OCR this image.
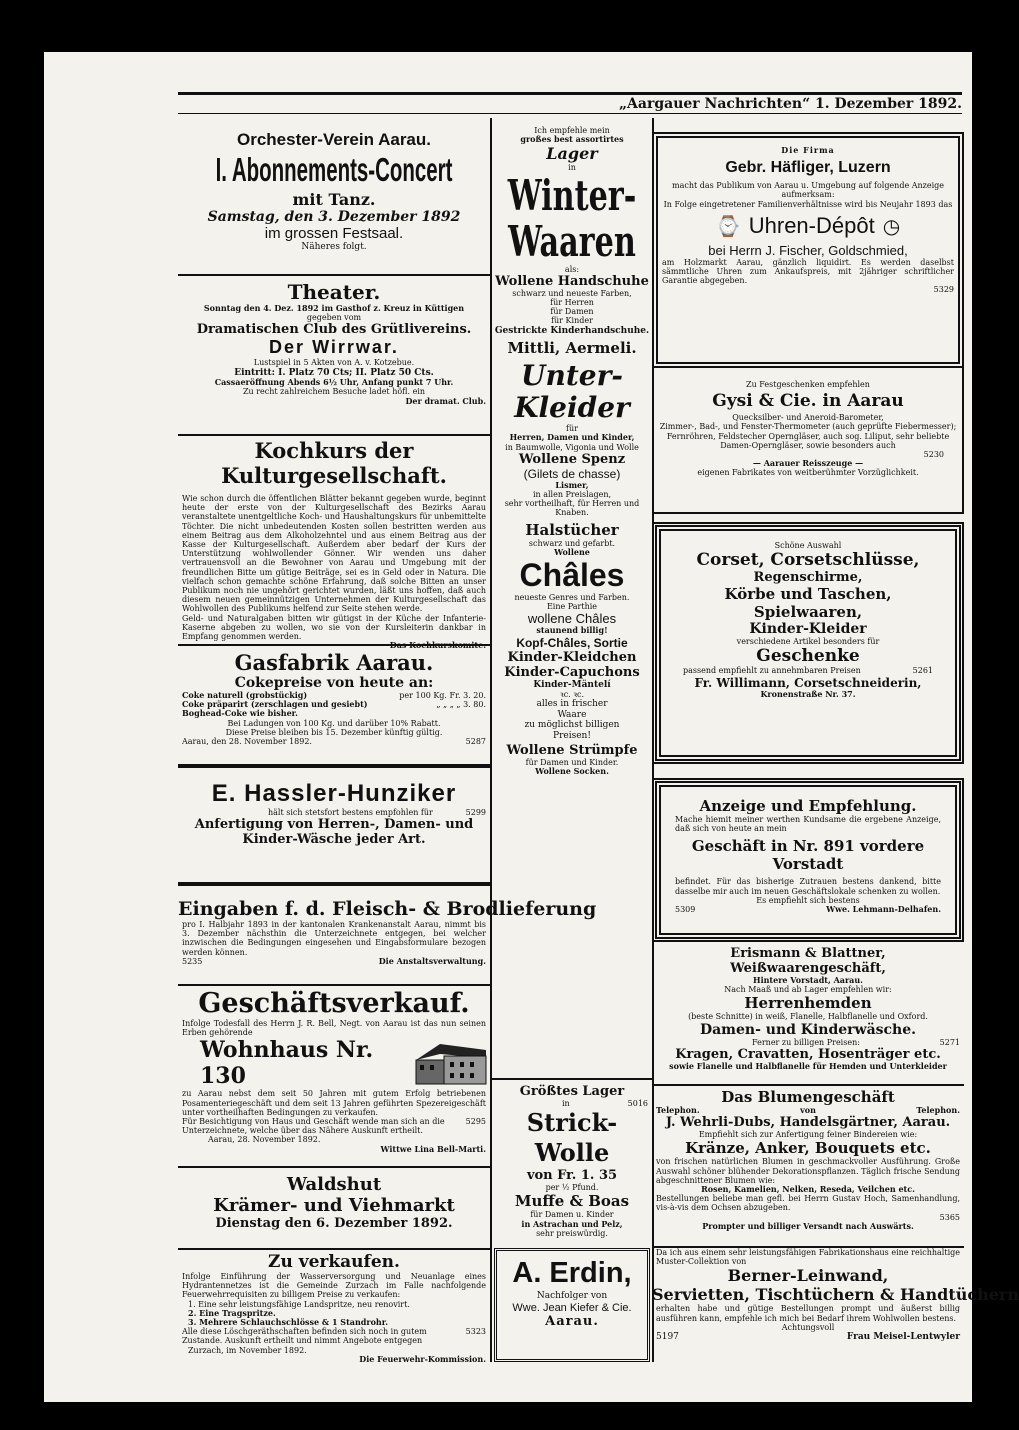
„Aargauer Nachrichten“ 1. Dezember 1892.
Orchester-Verein Aarau.
I. Abonnements-Concert
mit Tanz.
Samstag, den 3. Dezember 1892
im grossen Festsaal.
Näheres folgt.
Theater.
Sonntag den 4. Dez. 1892 im Gasthof z. Kreuz in Küttigen
gegeben vom
Dramatischen Club des Grütlivereins.
Der Wirrwar.
Lustspiel in 5 Akten von A. v. Kotzebue.
Eintritt: I. Platz 70 Cts; II. Platz 50 Cts.
Cassaeröffnung Abends 6½ Uhr, Anfang punkt 7 Uhr.
Zu recht zahlreichem Besuche ladet höfl. ein
Der dramat. Club.
Kochkurs der Kulturgesellschaft.
Wie schon durch die öffentlichen Blätter bekannt gegeben wurde, beginnt heute der erste von der Kulturgesellschaft des Bezirks Aarau veranstaltete unentgeltliche Koch- und Haushaltungskurs für unbemittelte Töchter. Die nicht unbedeutenden Kosten sollen bestritten werden aus einem Beitrag aus dem Alkoholzehntel und aus einem Beitrag aus der Kasse der Kulturgesellschaft. Außerdem aber bedarf der Kurs der Unterstützung wohlwollender Gönner. Wir wenden uns daher vertrauensvoll an die Bewohner von Aarau und Umgebung mit der freundlichen Bitte um gütige Beiträge, sei es in Geld oder in Natura. Die vielfach schon gemachte schöne Erfahrung, daß solche Bitten an unser Publikum noch nie ungehört gerichtet wurden, läßt uns hoffen, daß auch diesem neuen gemeinnützigen Unternehmen der Kulturgesellschaft das Wohlwollen des Publikums helfend zur Seite stehen werde.
Geld- und Naturalgaben bitten wir gütigst in der Küche der Infanterie-Kaserne abgeben zu wollen, wo sie von der Kursleiterin dankbar in Empfang genommen werden.
Das Kochkurskomite.
Gasfabrik Aarau.
Cokepreise von heute an:
Coke naturell (grobstückig)	per 100 Kg. Fr. 3. 20.
Coke präparirt (zerschlagen und gesiebt)	„ „ „ „ 3. 80.
Boghead-Coke wie bisher.
Bei Ladungen von 100 Kg. und darüber 10% Rabatt.
Diese Preise bleiben bis 15. Dezember künftig gültig.
Aarau, den 28. November 1892.	5287
E. Hassler-Hunziker
hält sich stetsfort bestens empfohlen für	5299
Anfertigung von Herren-, Damen- und
Kinder-Wäsche jeder Art.
Eingaben f. d. Fleisch- & Brodlieferung
pro I. Halbjahr 1893 in der kantonalen Krankenanstalt Aarau, nimmt bis 3. Dezember nächsthin die Unterzeichnete entgegen, bei welcher inzwischen die Bedingungen eingesehen und Eingabsformulare bezogen werden können.
5235	Die Anstaltsverwaltung.
Geschäftsverkauf.
Infolge Todesfall des Herrn J. R. Bell, Negt. von Aarau ist das nun seinen Erben gehörende
Wohnhaus Nr. 130
zu Aarau nebst dem seit 50 Jahren mit gutem Erfolg betriebenen Posamenteriegeschäft und dem seit 13 Jahren geführten Spezereigeschäft unter vortheilhaften Bedingungen zu verkaufen.
Für Besichtigung von Haus und Geschäft wende man sich an die Unterzeichnete, welche über das Nähere Auskunft ertheilt.
5295
Aarau, 28. November 1892.
Wittwe Lina Bell-Marti.
Waldshut
Krämer- und Viehmarkt
Dienstag den 6. Dezember 1892.
Zu verkaufen.
Infolge Einführung der Wasserversorgung und Neuanlage eines Hydrantennetzes ist die Gemeinde Zurzach im Falle nachfolgende Feuerwehrrequisiten zu billigem Preise zu verkaufen:
1. Eine sehr leistungsfähige Landspritze, neu renovirt.
2. Eine Tragspritze.
3. Mehrere Schlauchschlösse & 1 Standrohr.
Alle diese Löschgeräthschaften befinden sich noch in gutem Zustande. Auskunft ertheilt und nimmt Angebote entgegen
5323
Zurzach, im November 1892.
Die Feuerwehr-Kommission.
Ich empfehle mein
großes best assortirtes
Lager
in
Winter-
Waaren
als:
Wollene Handschuhe
schwarz und neueste Farben,
für Herren
für Damen
für Kinder
Gestrickte Kinderhandschuhe.
Mittli, Aermeli.
Unter-
Kleider
für
Herren, Damen und Kinder,
in Baumwolle, Vigonia und Wolle
Wollene Spenz
(Gilets de chasse)
Lismer,
in allen Preislagen,
sehr vortheilhaft, für Herren und Knaben.
Halstücher
schwarz und gefarbt.
Wollene
Châles
neueste Genres und Farben.
Eine Parthie
wollene Châles
staunend billig!
Kopf-Châles, Sortie
Kinder-Kleidchen
Kinder-Capuchons
Kinder-Mäntelí
ꝛc. ꝛc.
alles in frischer
Waare
zu möglichst billigen
Preisen!
Wollene Strümpfe
für Damen und Kinder.
Wollene Socken.
Größtes Lager
in	5016
Strick-Wolle
von Fr. 1. 35
per ½ Pfund.
Muffe & Boas
für Damen u. Kinder
in Astrachan und Pelz,
sehr preiswürdig.
A. Erdin,
Nachfolger von
Wwe. Jean Kiefer & Cie.
Aarau.
Die Firma
Gebr. Häfliger, Luzern
macht das Publikum von Aarau u. Umgebung auf folgende Anzeige aufmerksam:
In Folge eingetretener Familienverhältnisse wird bis Neujahr 1893 das
⌚ Uhren-Dépôt ◷
bei Herrn J. Fischer, Goldschmied,
am Holzmarkt Aarau, gänzlich liquidirt. Es werden daselbst sämmtliche Uhren zum Ankaufspreis, mit 2jähriger schriftlicher Garantie abgegeben.
5329
Zu Festgeschenken empfehlen
Gysi & Cie. in Aarau
Quecksilber- und Aneroid-Barometer,
Zimmer-, Bad-, und Fenster-Thermometer (auch geprüfte Fiebermesser); Fernröhren, Feldstecher Operngläser, auch sog. Liliput, sehr beliebte Damen-Operngläser, sowie besonders auch
5230
— Aarauer Reisszeuge —
eigenen Fabrikates von weitberühmter Vorzüglichkeit.
Schöne Auswahl
Corset, Corsetschlüsse,
Regenschirme,
Körbe und Taschen,
Spielwaaren,
Kinder-Kleider
verschiedene Artikel besonders für
Geschenke
passend empfiehlt zu annehmbaren Preisen	5261
Fr. Willimann, Corsetschneiderin,
Kronenstraße Nr. 37.
Anzeige und Empfehlung.
Mache hiemit meiner werthen Kundsame die ergebene Anzeige, daß sich von heute an mein
Geschäft in Nr. 891 vordere Vorstadt
befindet. Für das bisherige Zutrauen bestens dankend, bitte dasselbe mir auch im neuen Geschäftslokale schenken zu wollen.
Es empfiehlt sich bestens
5309	Wwe. Lehmann-Delhafen.
Erismann & Blattner, Weißwaarengeschäft,
Hintere Vorstadt, Aarau.
Nach Maaß und ab Lager empfehlen wir:
Herrenhemden
(beste Schnitte) in weiß, Flanelle, Halbflanelle und Oxford.
Damen- und Kinderwäsche.
Ferner zu billigen Preisen:	5271
Kragen, Cravatten, Hosenträger etc.
sowie Flanelle und Halbflanelle für Hemden und Unterkleider
Das Blumengeschäft
Telephon.	von	Telephon.
J. Wehrli-Dubs, Handelsgärtner, Aarau.
Empfiehlt sich zur Anfertigung feiner Bindereien wie:
Kränze, Anker, Bouquets etc.
von frischen natürlichen Blumen in geschmackvoller Ausführung. Große Auswahl schöner blühender Dekorationspflanzen. Täglich frische Sendung abgeschnittener Blumen wie:
Rosen, Kamelien, Nelken, Reseda, Veilchen etc.
Bestellungen beliebe man gefl. bei Herrn Gustav Hoch, Samenhandlung, vis-à-vis dem Ochsen abzugeben.
5365
Prompter und billiger Versandt nach Auswärts.
Da ich aus einem sehr leistungsfähigen Fabrikationshaus eine reichhaltige Muster-Collektion von
Berner-Leinwand,
Servietten, Tischtüchern & Handtüchern
erhalten habe und gütige Bestellungen prompt und äußerst billig ausführen kann, empfehle ich mich bei Bedarf ihrem Wohlwollen bestens.
Achtungsvoll
5197	Frau Meisel-Lentwyler
